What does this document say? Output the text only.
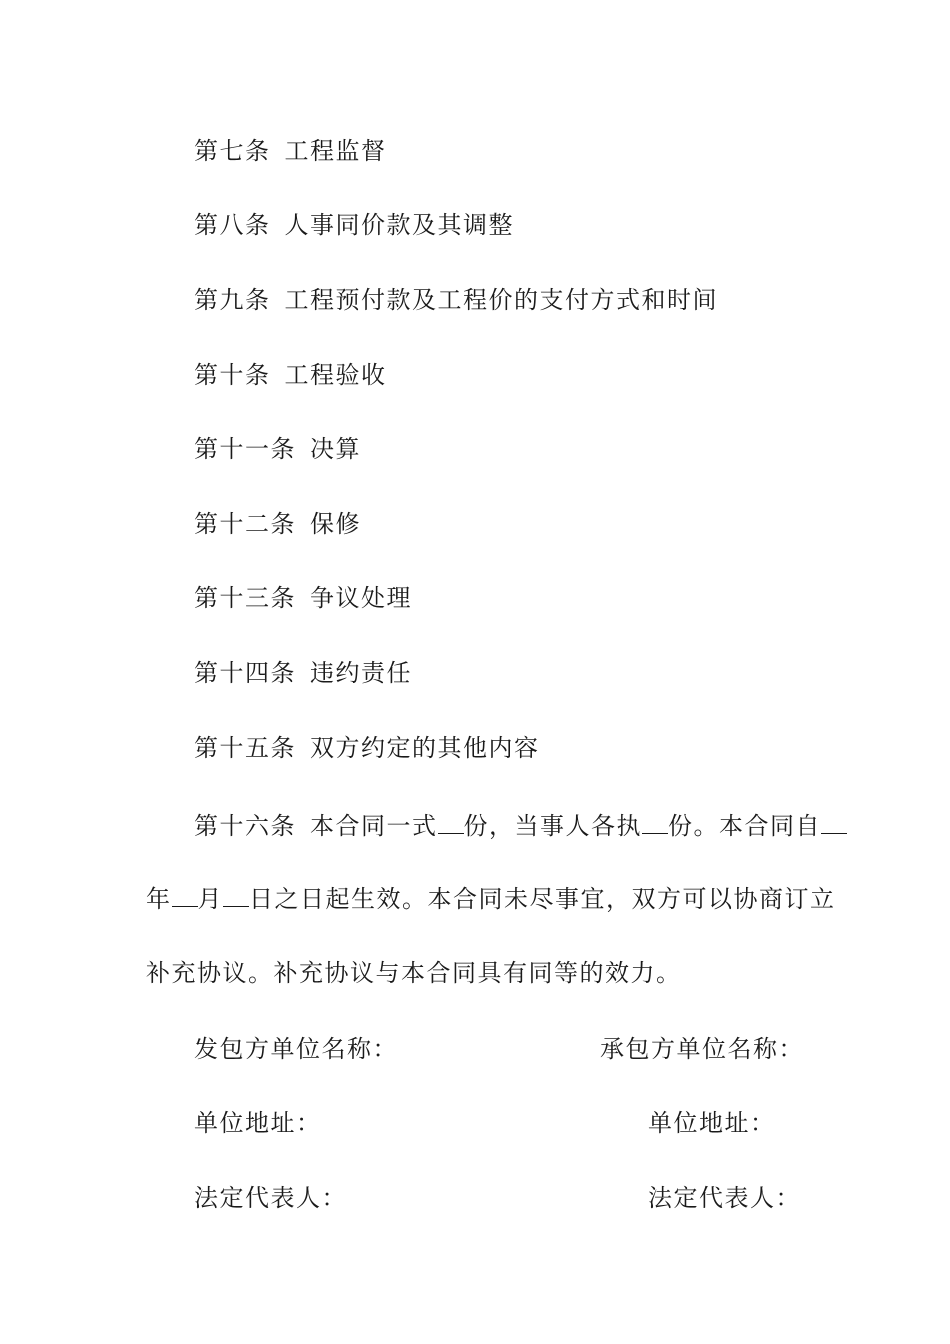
第七条 工程监督
第八条 人事同价款及其调整
第九条 工程预付款及工程价的支付方式和时间
第十条 工程验收
第十一条 决算
第十二条 保修
第十三条 争议处理
第十四条 违约责任
第十五条 双方约定的其他内容
第十六条 本合同一式 份，当事人各执 份。本合同自
年 月 日之日起生效。本合同未尽事宜，双方可以协商订立
补充协议。补充协议与本合同具有同等的效力。
发包方单位名称：	承包方单位名称：
单位地址：	单位地址：
法定代表人：	法定代表人：
